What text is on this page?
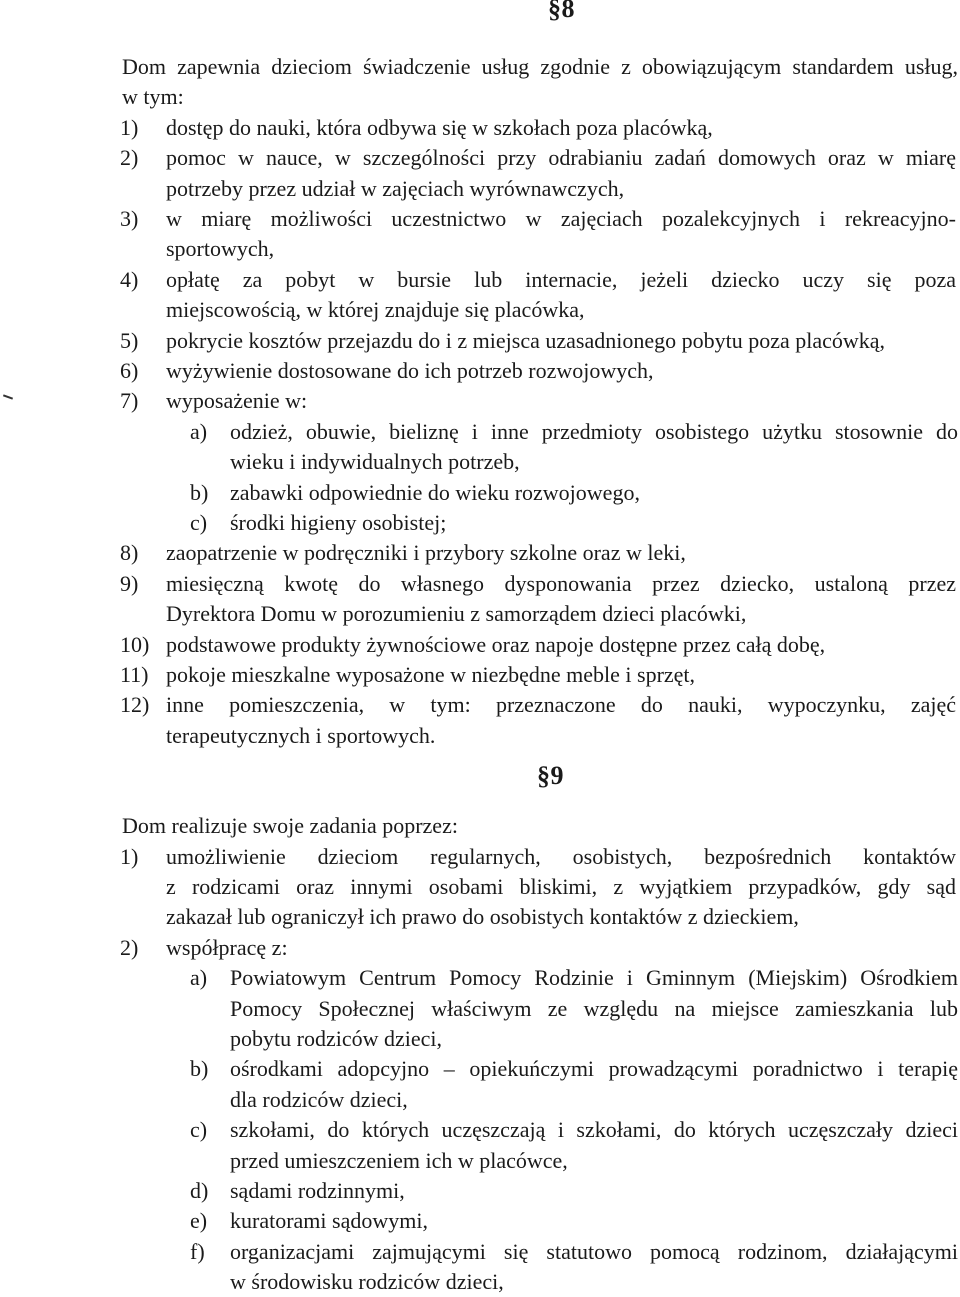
§8
Dom zapewnia dzieciom świadczenie usług zgodnie z obowiązującym standardem usług,
w tym:
1) dostęp do nauki, która odbywa się w szkołach poza placówką,
2) pomoc w nauce, w szczególności przy odrabianiu zadań domowych oraz w miarę
potrzeby przez udział w zajęciach wyrównawczych,
3) w miarę możliwości uczestnictwo w zajęciach pozalekcyjnych i rekreacyjno-
sportowych,
4) opłatę za pobyt w bursie lub internacie, jeżeli dziecko uczy się poza
miejscowością, w której znajduje się placówka,
5) pokrycie kosztów przejazdu do i z miejsca uzasadnionego pobytu poza placówką,
6) wyżywienie dostosowane do ich potrzeb rozwojowych,
7) wyposażenie w:
a) odzież, obuwie, bieliznę i inne przedmioty osobistego użytku stosownie do
wieku i indywidualnych potrzeb,
b) zabawki odpowiednie do wieku rozwojowego,
c) środki higieny osobistej;
8) zaopatrzenie w podręczniki i przybory szkolne oraz w leki,
9) miesięczną kwotę do własnego dysponowania przez dziecko, ustaloną przez
Dyrektora Domu w porozumieniu z samorządem dzieci placówki,
10) podstawowe produkty żywnościowe oraz napoje dostępne przez całą dobę,
11) pokoje mieszkalne wyposażone w niezbędne meble i sprzęt,
12) inne pomieszczenia, w tym: przeznaczone do nauki, wypoczynku, zajęć
terapeutycznych i sportowych.
§9
Dom realizuje swoje zadania poprzez:
1) umożliwienie dzieciom regularnych, osobistych, bezpośrednich kontaktów
z rodzicami oraz innymi osobami bliskimi, z wyjątkiem przypadków, gdy sąd
zakazał lub ograniczył ich prawo do osobistych kontaktów z dzieckiem,
2) współpracę z:
a) Powiatowym Centrum Pomocy Rodzinie i Gminnym (Miejskim) Ośrodkiem
Pomocy Społecznej właściwym ze względu na miejsce zamieszkania lub
pobytu rodziców dzieci,
b) ośrodkami adopcyjno – opiekuńczymi prowadzącymi poradnictwo i terapię
dla rodziców dzieci,
c) szkołami, do których uczęszczają i szkołami, do których uczęszczały dzieci
przed umieszczeniem ich w placówce,
d) sądami rodzinnymi,
e) kuratorami sądowymi,
f) organizacjami zajmującymi się statutowo pomocą rodzinom, działającymi
w środowisku rodziców dzieci,
